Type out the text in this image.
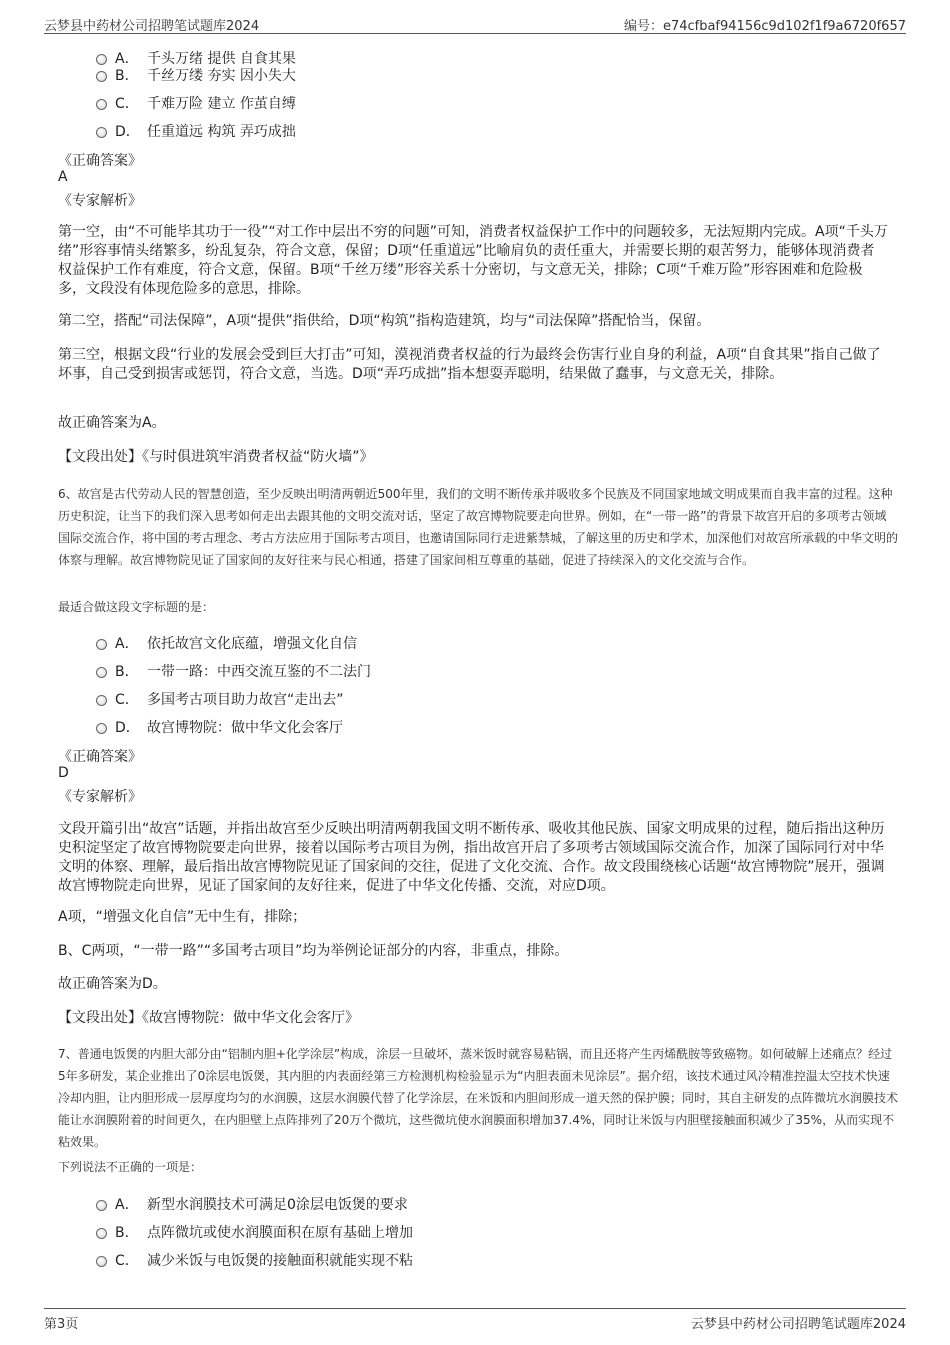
云梦县中药材公司招聘笔试题库2024	编号：e74cfbaf94156c9d102f1f9a6720f657
A． 千头万绪 提供 自食其果
B． 千丝万缕 夯实 因小失大
C． 千难万险 建立 作茧自缚
D． 任重道远 构筑 弄巧成拙
《正确答案》
A
《专家解析》
第一空，由“不可能毕其功于一役”“对工作中层出不穷的问题”可知，消费者权益保护工作中的问题较多，无法短期内完成。A项“千头万绪”形容事情头绪繁多，纷乱复杂，符合文意，保留；D项“任重道远”比喻肩负的责任重大，并需要长期的艰苦努力，能够体现消费者权益保护工作有难度，符合文意，保留。B项“千丝万缕”形容关系十分密切，与文意无关，排除；C项“千难万险”形容困难和危险极多，文段没有体现危险多的意思，排除。
第二空，搭配“司法保障”，A项“提供”指供给，D项“构筑”指构造建筑，均与“司法保障”搭配恰当，保留。
第三空，根据文段“行业的发展会受到巨大打击”可知，漠视消费者权益的行为最终会伤害行业自身的利益，A项“自食其果”指自己做了坏事，自己受到损害或惩罚，符合文意，当选。D项“弄巧成拙”指本想耍弄聪明，结果做了蠢事，与文意无关，排除。
故正确答案为A。
【文段出处】《与时俱进筑牢消费者权益“防火墙”》
6、故宫是古代劳动人民的智慧创造，至少反映出明清两朝近500年里，我们的文明不断传承并吸收多个民族及不同国家地域文明成果而自我丰富的过程。这种历史积淀，让当下的我们深入思考如何走出去跟其他的文明交流对话，坚定了故宫博物院要走向世界。例如，在“一带一路”的背景下故宫开启的多项考古领域国际交流合作，将中国的考古理念、考古方法应用于国际考古项目，也邀请国际同行走进紫禁城，了解这里的历史和学术，加深他们对故宫所承载的中华文明的体察与理解。故宫博物院见证了国家间的友好往来与民心相通，搭建了国家间相互尊重的基础，促进了持续深入的文化交流与合作。
最适合做这段文字标题的是：
A． 依托故宫文化底蕴，增强文化自信
B． 一带一路：中西交流互鉴的不二法门
C． 多国考古项目助力故宫“走出去”
D． 故宫博物院：做中华文化会客厅
《正确答案》
D
《专家解析》
文段开篇引出“故宫”话题，并指出故宫至少反映出明清两朝我国文明不断传承、吸收其他民族、国家文明成果的过程，随后指出这种历史积淀坚定了故宫博物院要走向世界，接着以国际考古项目为例，指出故宫开启了多项考古领域国际交流合作，加深了国际同行对中华文明的体察、理解，最后指出故宫博物院见证了国家间的交往，促进了文化交流、合作。故文段围绕核心话题“故宫博物院”展开，强调故宫博物院走向世界，见证了国家间的友好往来，促进了中华文化传播、交流，对应D项。
A项，“增强文化自信”无中生有，排除；
B、C两项，“一带一路”“多国考古项目”均为举例论证部分的内容，非重点，排除。
故正确答案为D。
【文段出处】《故宫博物院：做中华文化会客厅》
7、普通电饭煲的内胆大部分由“铝制内胆+化学涂层”构成，涂层一旦破坏，蒸米饭时就容易粘锅，而且还将产生丙烯酰胺等致癌物。如何破解上述痛点？经过5年多研发，某企业推出了0涂层电饭煲，其内胆的内表面经第三方检测机构检验显示为“内胆表面未见涂层”。据介绍，该技术通过风冷精准控温太空技术快速冷却内胆，让内胆形成一层厚度均匀的水润膜，这层水润膜代替了化学涂层，在米饭和内胆间形成一道天然的保护膜；同时，其自主研发的点阵微坑水润膜技术能让水润膜附着的时间更久，在内胆壁上点阵排列了20万个微坑，这些微坑使水润膜面积增加37.4%，同时让米饭与内胆壁接触面积减少了35%，从而实现不粘效果。
下列说法不正确的一项是：
A． 新型水润膜技术可满足0涂层电饭煲的要求
B． 点阵微坑或使水润膜面积在原有基础上增加
C． 减少米饭与电饭煲的接触面积就能实现不粘
第3页	云梦县中药材公司招聘笔试题库2024
